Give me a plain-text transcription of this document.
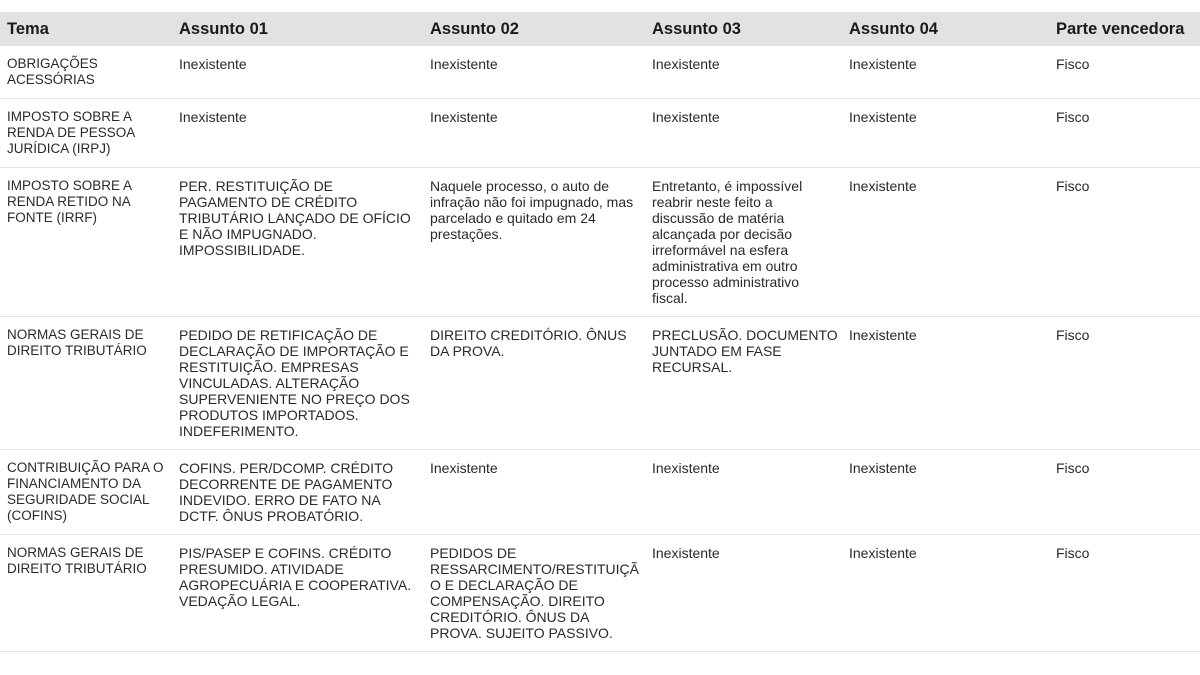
Tema	Assunto 01	Assunto 02	Assunto 03	Assunto 04	Parte vencedora
OBRIGAÇÕES ACESSÓRIAS	Inexistente	Inexistente	Inexistente	Inexistente	Fisco
IMPOSTO SOBRE A RENDA DE PESSOA JURÍDICA (IRPJ)	Inexistente	Inexistente	Inexistente	Inexistente	Fisco
IMPOSTO SOBRE A RENDA RETIDO NA FONTE (IRRF)	PER. RESTITUIÇÃO DE PAGAMENTO DE CRÉDITO TRIBUTÁRIO LANÇADO DE OFÍCIO E NÃO IMPUGNADO. IMPOSSIBILIDADE.	Naquele processo, o auto de infração não foi impugnado, mas parcelado e quitado em 24 prestações.	Entretanto, é impossível reabrir neste feito a discussão de matéria alcançada por decisão irreformável na esfera administrativa em outro processo administrativo fiscal.	Inexistente	Fisco
NORMAS GERAIS DE DIREITO TRIBUTÁRIO	PEDIDO DE RETIFICAÇÃO DE DECLARAÇÃO DE IMPORTAÇÃO E RESTITUIÇÃO. EMPRESAS VINCULADAS. ALTERAÇÃO SUPERVENIENTE NO PREÇO DOS PRODUTOS IMPORTADOS. INDEFERIMENTO.	DIREITO CREDITÓRIO. ÔNUS DA PROVA.	PRECLUSÃO. DOCUMENTO JUNTADO EM FASE RECURSAL.	Inexistente	Fisco
CONTRIBUIÇÃO PARA O FINANCIAMENTO DA SEGURIDADE SOCIAL (COFINS)	COFINS. PER/DCOMP. CRÉDITO DECORRENTE DE PAGAMENTO INDEVIDO. ERRO DE FATO NA DCTF. ÔNUS PROBATÓRIO.	Inexistente	Inexistente	Inexistente	Fisco
NORMAS GERAIS DE DIREITO TRIBUTÁRIO	PIS/PASEP E COFINS. CRÉDITO PRESUMIDO. ATIVIDADE AGROPECUÁRIA E COOPERATIVA. VEDAÇÃO LEGAL.	PEDIDOS DE RESSARCIMENTO/RESTITUIÇÃO E DECLARAÇÃO DE COMPENSAÇÃO. DIREITO CREDITÓRIO. ÔNUS DA PROVA. SUJEITO PASSIVO.	Inexistente	Inexistente	Fisco
